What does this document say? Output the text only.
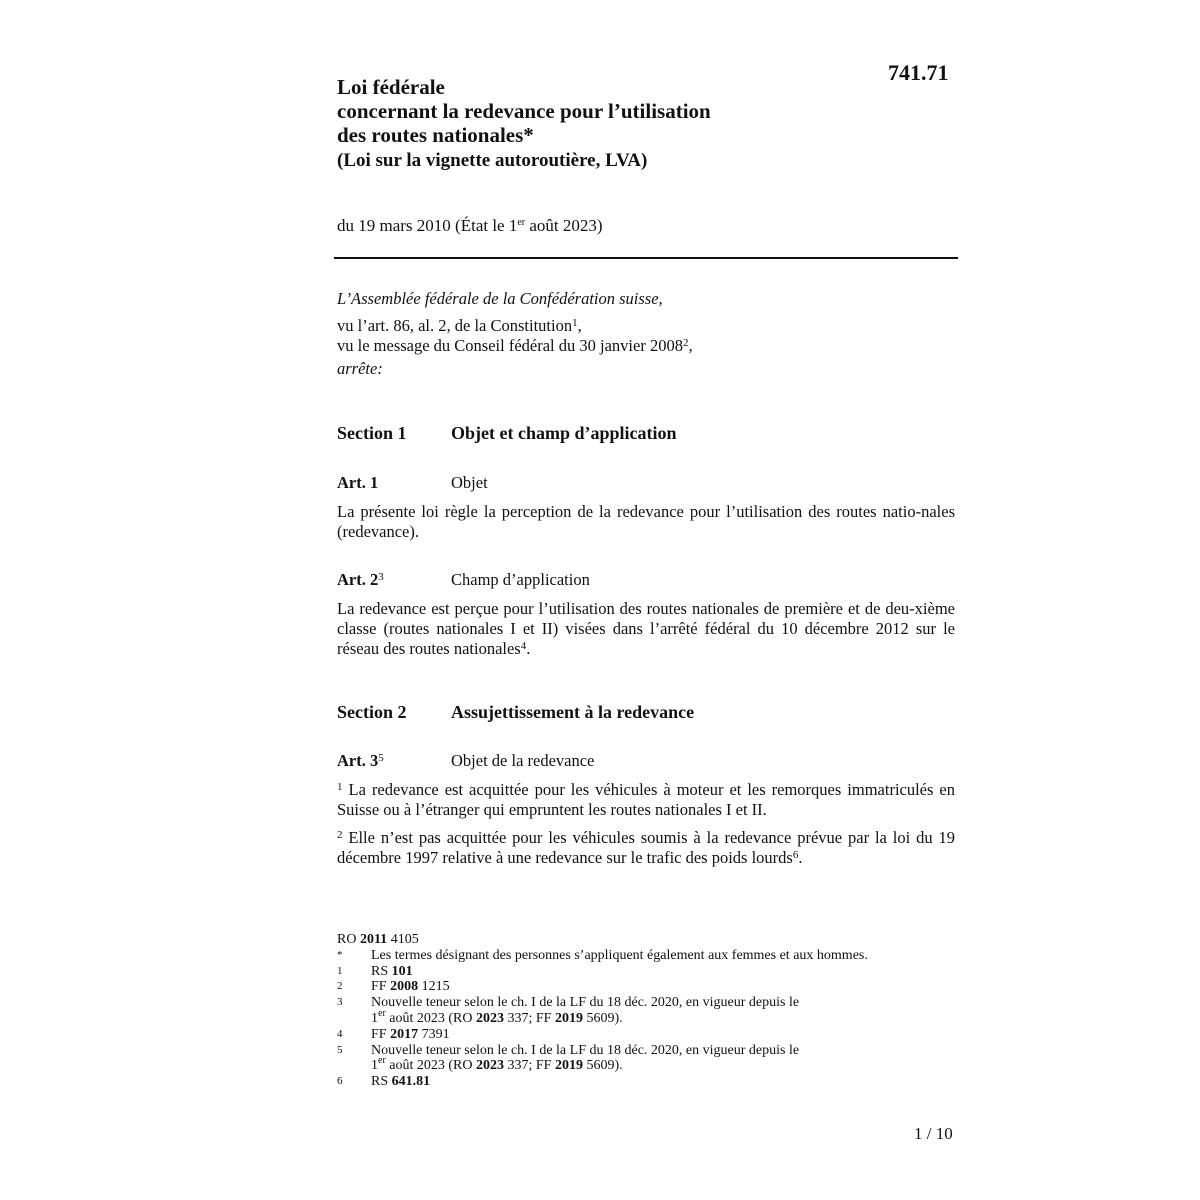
741.71
Loi fédérale
concernant la redevance pour l’utilisation
des routes nationales*
(Loi sur la vignette autoroutière, LVA)
du 19 mars 2010 (État le 1er août 2023)
L’Assemblée fédérale de la Confédération suisse,
vu l’art. 86, al. 2, de la Constitution$^1$,
vu le message du Conseil fédéral du 30 janvier 2008$^2$,
arrête:
Section 1 Objet et champ d’application
Art. 1	Objet
La présente loi règle la perception de la redevance pour l’utilisation des routes natio-nales (redevance).
Art. 2$^3$	Champ d’application
La redevance est perçue pour l’utilisation des routes nationales de première et de deu-xième classe (routes nationales I et II) visées dans l’arrêté fédéral du 10 décembre 2012 sur le réseau des routes nationales$^4$.
Section 2 Assujettissement à la redevance
Art. 3$^5$	Objet de la redevance
$^1$ La redevance est acquittée pour les véhicules à moteur et les remorques immatriculés en Suisse ou à l’étranger qui empruntent les routes nationales I et II.
$^2$ Elle n’est pas acquittée pour les véhicules soumis à la redevance prévue par la loi du 19 décembre 1997 relative à une redevance sur le trafic des poids lourds$^6$.
RO 2011 4105
*	Les termes désignant des personnes s’appliquent également aux femmes et aux hommes.
1	RS 101
2	FF 2008 1215
3	Nouvelle teneur selon le ch. I de la LF du 18 déc. 2020, en vigueur depuis le
1er août 2023 (RO 2023 337; FF 2019 5609).
4	FF 2017 7391
5	Nouvelle teneur selon le ch. I de la LF du 18 déc. 2020, en vigueur depuis le
1er août 2023 (RO 2023 337; FF 2019 5609).
6	RS 641.81
1 / 10
